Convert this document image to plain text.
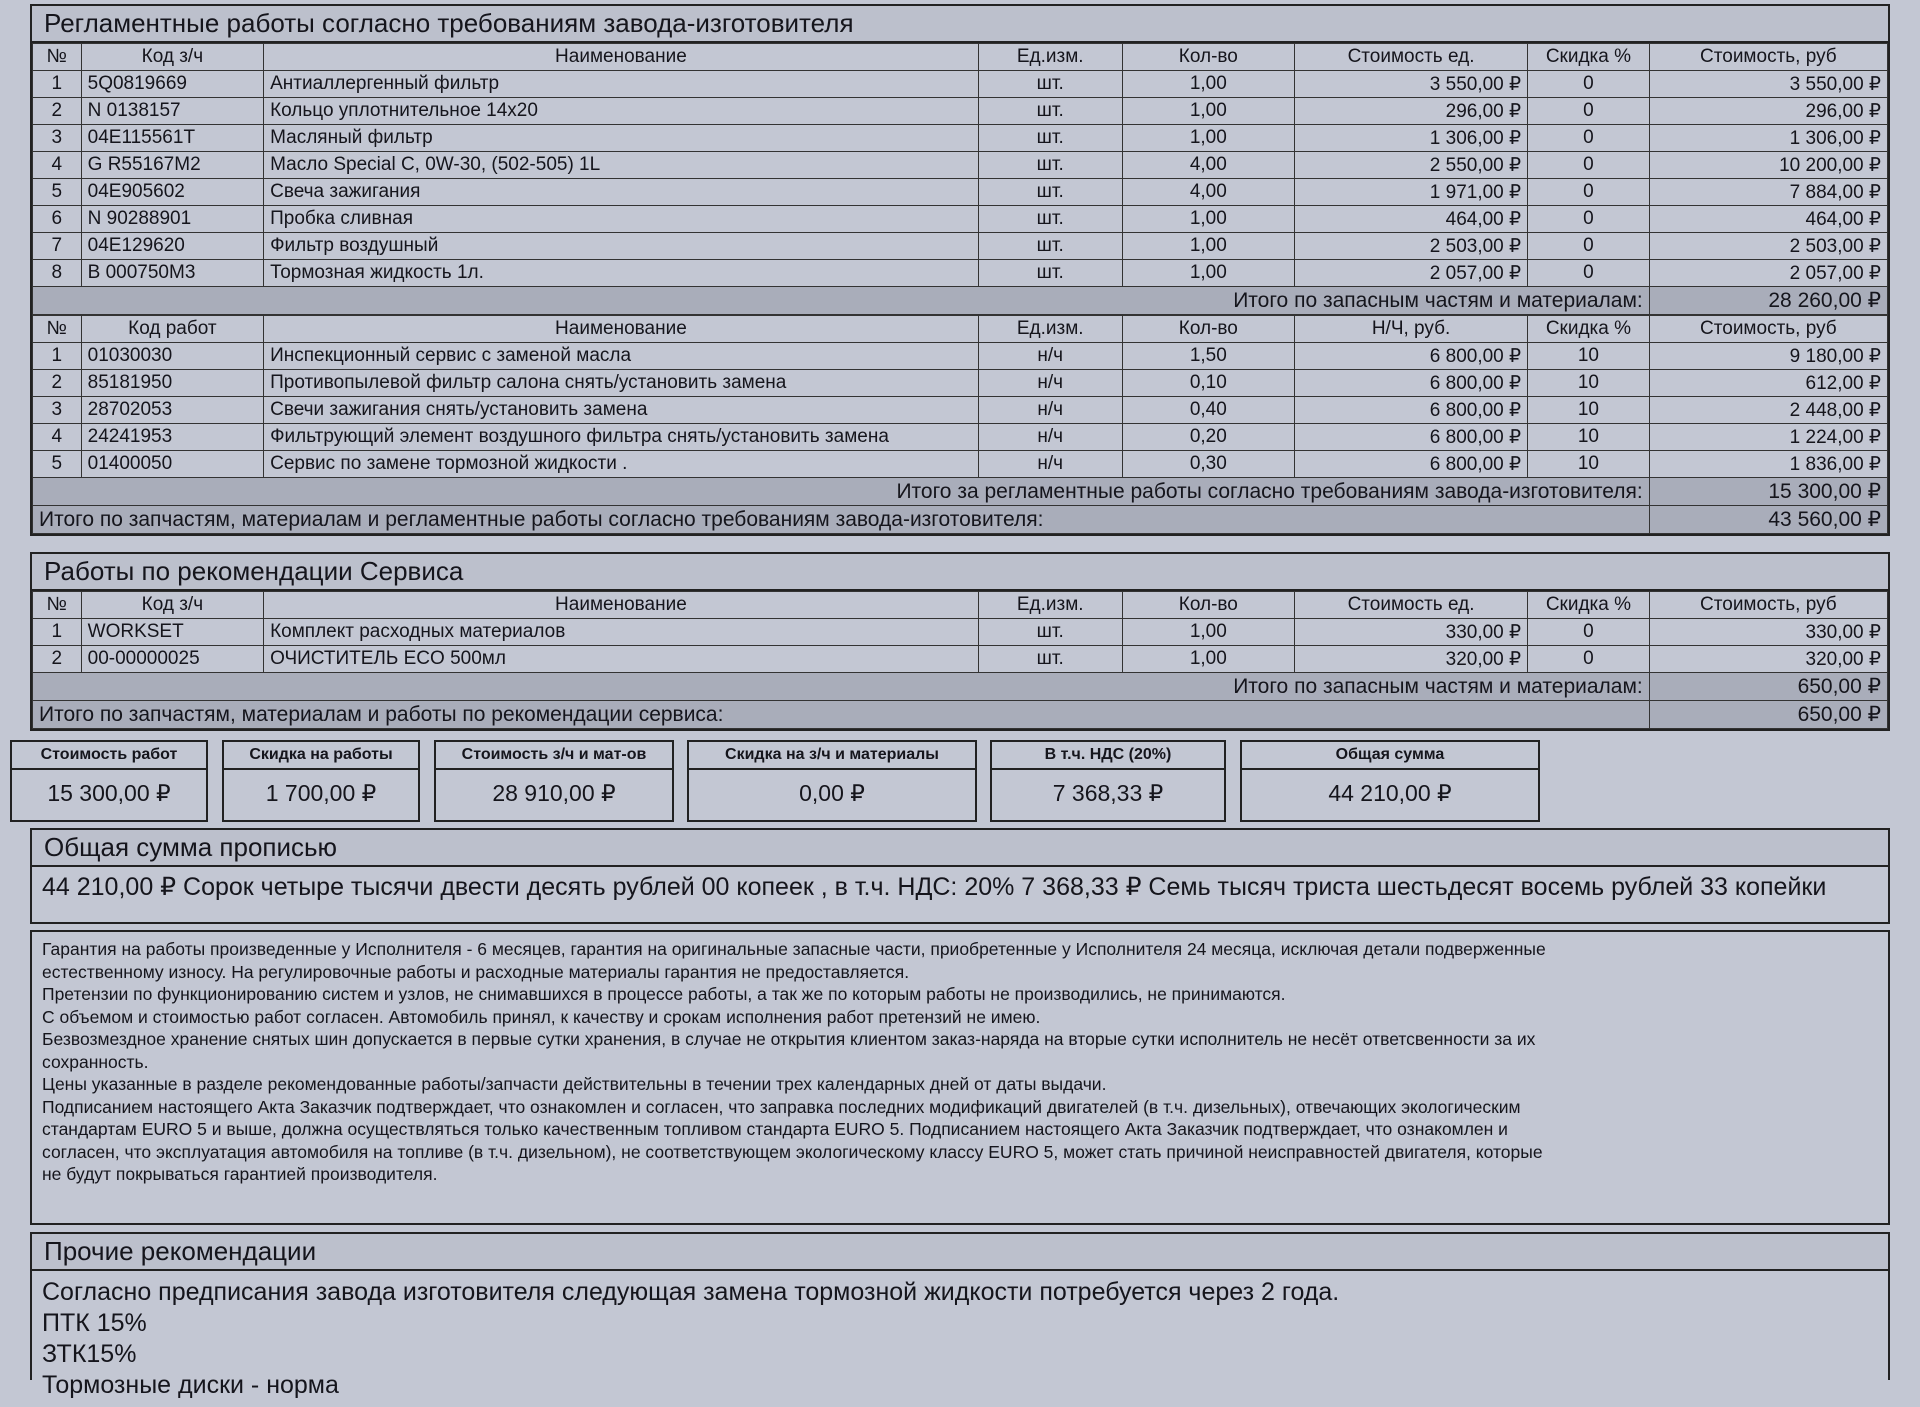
Регламентные работы согласно требованиям завода-изготовителя
№	Код з/ч	Наименование	Ед.изм.	Кол-во	Стоимость ед.	Скидка %	Стоимость, руб
1	5Q0819669	Антиаллергенный фильтр	шт.	1,00	3 550,00 ₽	0	3 550,00 ₽
2	N 0138157	Кольцо уплотнительное 14x20	шт.	1,00	296,00 ₽	0	296,00 ₽
3	04E115561T	Масляный фильтр	шт.	1,00	1 306,00 ₽	0	1 306,00 ₽
4	G R55167M2	Масло Special C, 0W-30, (502-505) 1L	шт.	4,00	2 550,00 ₽	0	10 200,00 ₽
5	04E905602	Свеча зажигания	шт.	4,00	1 971,00 ₽	0	7 884,00 ₽
6	N 90288901	Пробка сливная	шт.	1,00	464,00 ₽	0	464,00 ₽
7	04E129620	Фильтр воздушный	шт.	1,00	2 503,00 ₽	0	2 503,00 ₽
8	B 000750M3	Тормозная жидкость 1л.	шт.	1,00	2 057,00 ₽	0	2 057,00 ₽
Итого по запасным частям и материалам:							28 260,00 ₽
№	Код работ	Наименование	Ед.изм.	Кол-во	Н/Ч, руб.	Скидка %	Стоимость, руб
1	01030030	Инспекционный сервис с заменой масла	н/ч	1,50	6 800,00 ₽	10	9 180,00 ₽
2	85181950	Противопылевой фильтр салона снять/установить замена	н/ч	0,10	6 800,00 ₽	10	612,00 ₽
3	28702053	Свечи зажигания снять/установить замена	н/ч	0,40	6 800,00 ₽	10	2 448,00 ₽
4	24241953	Фильтрующий элемент воздушного фильтра снять/установить замена	н/ч	0,20	6 800,00 ₽	10	1 224,00 ₽
5	01400050	Сервис по замене тормозной жидкости .	н/ч	0,30	6 800,00 ₽	10	1 836,00 ₽
Итого за регламентные работы согласно требованиям завода-изготовителя:							15 300,00 ₽
Итого по запчастям, материалам и регламентные работы согласно требованиям завода-изготовителя:							43 560,00 ₽
Работы по рекомендации Сервиса
№	Код з/ч	Наименование	Ед.изм.	Кол-во	Стоимость ед.	Скидка %	Стоимость, руб
1	WORKSET	Комплект расходных материалов	шт.	1,00	330,00 ₽	0	330,00 ₽
2	00-00000025	ОЧИСТИТЕЛЬ ECO 500мл	шт.	1,00	320,00 ₽	0	320,00 ₽
Итого по запасным частям и материалам:							650,00 ₽
Итого по запчастям, материалам и работы по рекомендации сервиса:							650,00 ₽
Стоимость работ
15 300,00 ₽
Скидка на работы
1 700,00 ₽
Стоимость з/ч и мат-ов
28 910,00 ₽
Скидка на з/ч и материалы
0,00 ₽
В т.ч. НДС (20%)
7 368,33 ₽
Общая сумма
44 210,00 ₽
Общая сумма прописью
44 210,00 ₽ Сорок четыре тысячи двести десять рублей 00 копеек , в т.ч. НДС: 20% 7 368,33 ₽ Семь тысяч триста шестьдесят восемь рублей 33 копейки
Гарантия на работы произведенные у Исполнителя - 6 месяцев, гарантия на оригинальные запасные части, приобретенные у Исполнителя 24 месяца, исключая детали подверженные
естественному износу. На регулировочные работы и расходные материалы гарантия не предоставляется.
Претензии по функционированию систем и узлов, не снимавшихся в процессе работы, а так же по которым работы не производились, не принимаются.
С объемом и стоимостью работ согласен. Автомобиль принял, к качеству и срокам исполнения работ претензий не имею.
Безвозмездное хранение снятых шин допускается в первые сутки хранения, в случае не открытия клиентом заказ-наряда на вторые сутки исполнитель не несёт ответсвенности за их
сохранность.
Цены указанные в разделе рекомендованные работы/запчасти действительны в течении трех календарных дней от даты выдачи.
Подписанием настоящего Акта Заказчик подтверждает, что ознакомлен и согласен, что заправка последних модификаций двигателей (в т.ч. дизельных), отвечающих экологическим
стандартам EURO 5 и выше, должна осуществляться только качественным топливом стандарта EURO 5. Подписанием настоящего Акта Заказчик подтверждает, что ознакомлен и
согласен, что эксплуатация автомобиля на топливе (в т.ч. дизельном), не соответствующем экологическому классу EURO 5, может стать причиной неисправностей двигателя, которые
не будут покрываться гарантией производителя.
Прочие рекомендации
Согласно предписания завода изготовителя следующая замена тормозной жидкости потребуется через 2 года.
ПТК 15%
ЗТК15%
Тормозные диски - норма
